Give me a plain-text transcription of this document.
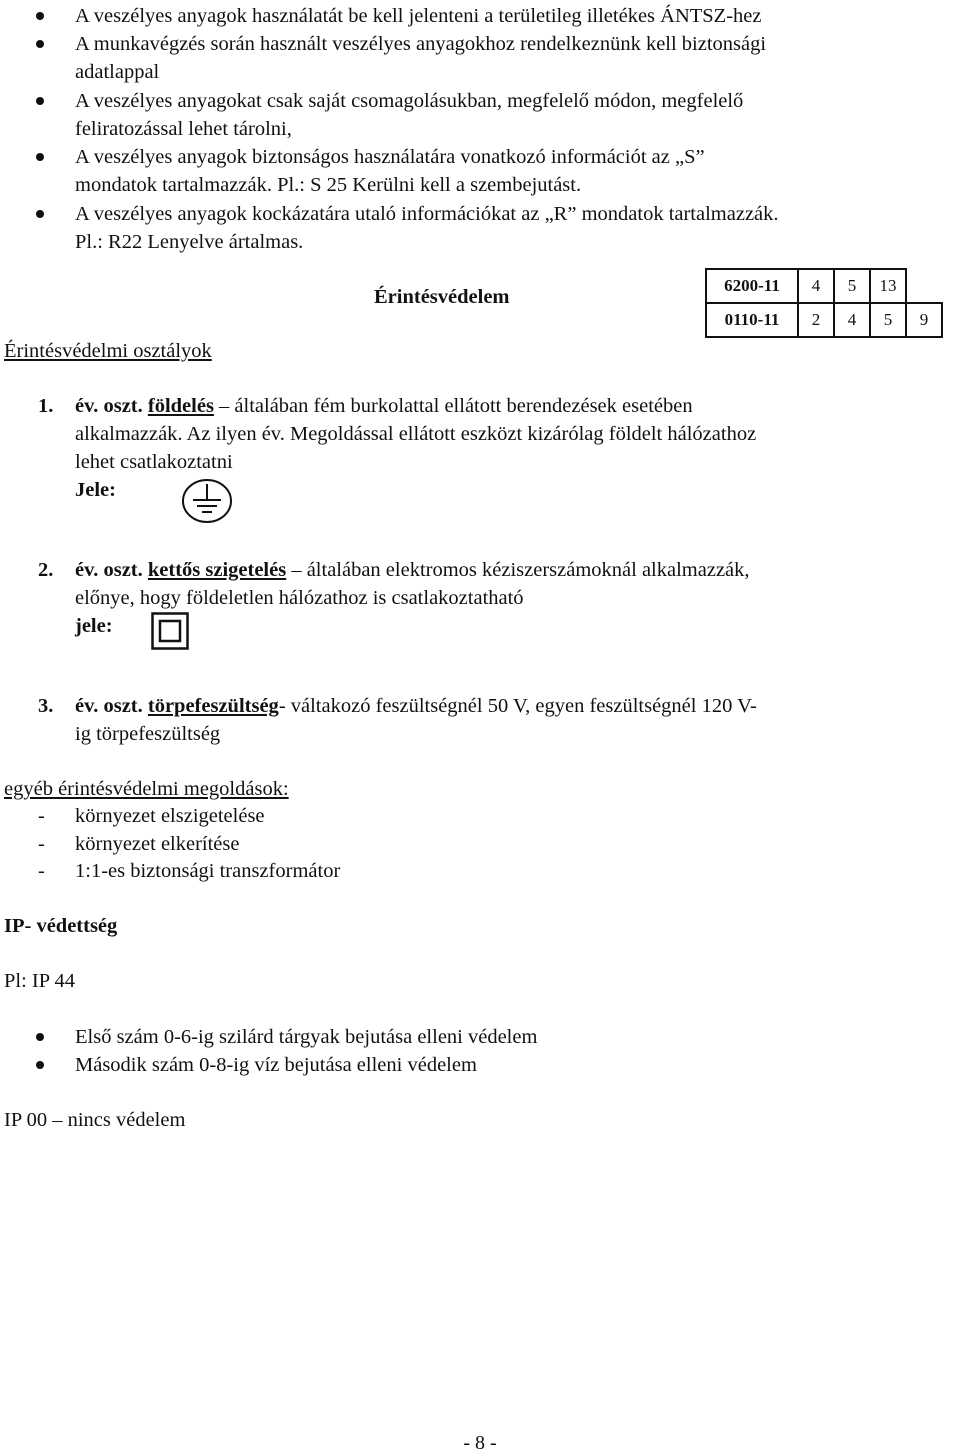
A veszélyes anyagok használatát be kell jelenteni a területileg illetékes ÁNTSZ-hez
A munkavégzés során használt veszélyes anyagokhoz rendelkeznünk kell biztonsági
adatlappal
A veszélyes anyagokat csak saját csomagolásukban, megfelelő módon, megfelelő
feliratozással lehet tárolni,
A veszélyes anyagok biztonságos használatára vonatkozó információt az „S”
mondatok tartalmazzák. Pl.: S 25 Kerülni kell a szembejutást.
A veszélyes anyagok kockázatára utaló információkat az „R” mondatok tartalmazzák.
Pl.: R22 Lenyelve ártalmas.
Érintésvédelem
Érintésvédelmi osztályok
6200-11	4	5	13	
0110-11	2	4	5	9
1. év. oszt. földelés – általában fém burkolattal ellátott berendezések esetében
alkalmazzák. Az ilyen év. Megoldással ellátott eszközt kizárólag földelt hálózathoz
lehet csatlakoztatni
Jele:
2. év. oszt. kettős szigetelés – általában elektromos kéziszerszámoknál alkalmazzák,
előnye, hogy földeletlen hálózathoz is csatlakoztatható
jele:
3. év. oszt. törpefeszültség- váltakozó feszültségnél 50 V, egyen feszültségnél 120 V-
ig törpefeszültség
egyéb érintésvédelmi megoldások:
- környezet elszigetelése
- környezet elkerítése
- 1:1-es biztonsági transzformátor
IP- védettség
Pl: IP 44
Első szám 0-6-ig szilárd tárgyak bejutása elleni védelem
Második szám 0-8-ig víz bejutása elleni védelem
IP 00 – nincs védelem
- 8 -
